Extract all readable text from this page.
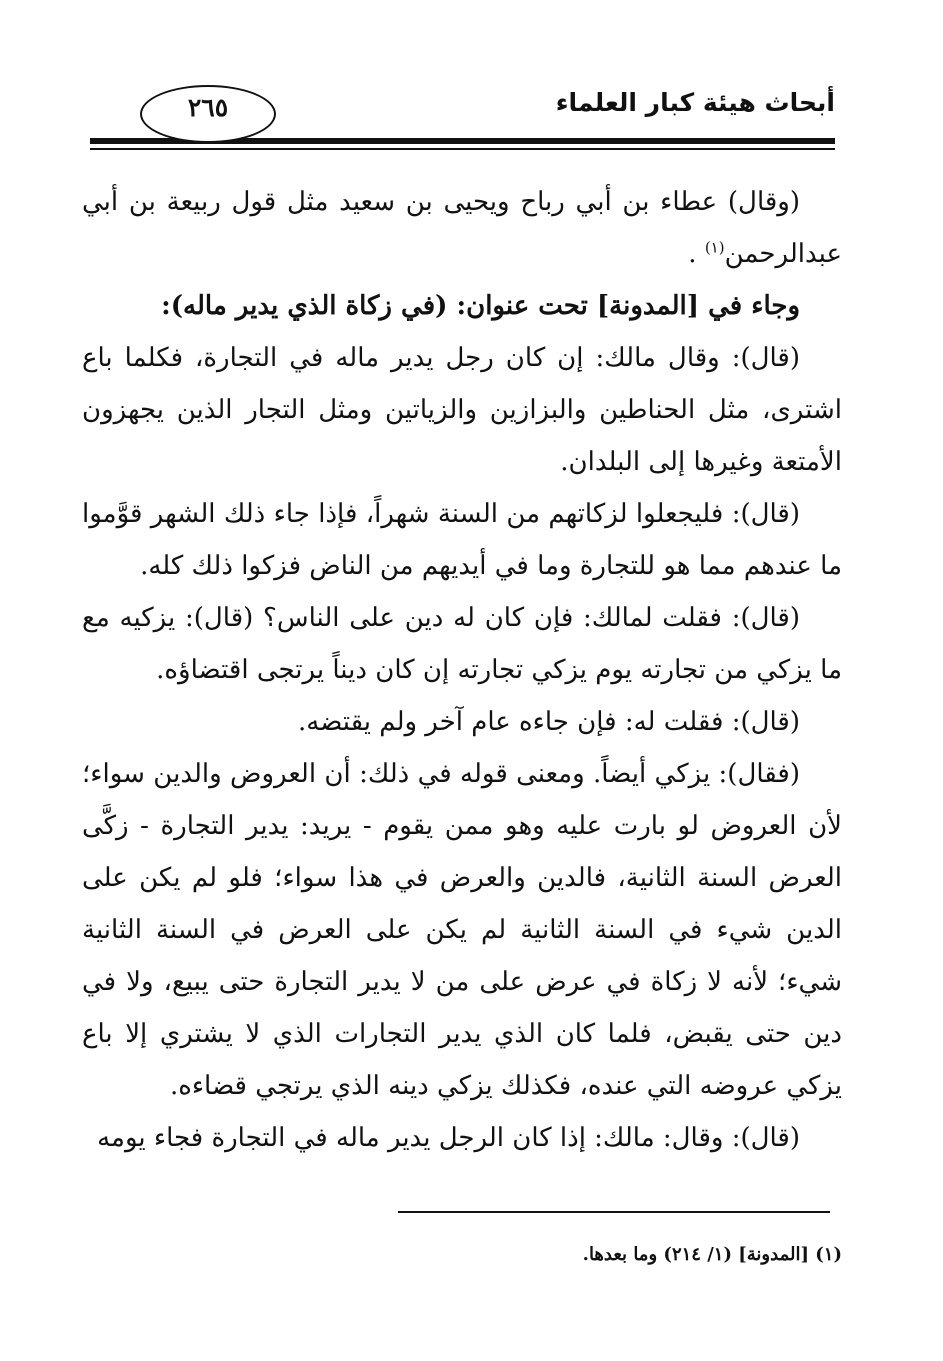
أبحاث هيئة كبار العلماء
٢٦٥

(وقال) عطاء بن أبي رباح ويحيى بن سعيد مثل قول ربيعة بن أبي عبدالرحمن$^{(١)}$ .

وجاء في [المدونة] تحت عنوان: (في زكاة الذي يدير ماله):

(قال): وقال مالك: إن كان رجل يدير ماله في التجارة، فكلما باع اشترى، مثل الحناطين والبزازين والزياتين ومثل التجار الذين يجهزون الأمتعة وغيرها إلى البلدان.

(قال): فليجعلوا لزكاتهم من السنة شهراً، فإذا جاء ذلك الشهر قوَّموا ما عندهم مما هو للتجارة وما في أيديهم من الناض فزكوا ذلك كله.

(قال): فقلت لمالك: فإن كان له دين على الناس؟ (قال): يزكيه مع ما يزكي من تجارته يوم يزكي تجارته إن كان ديناً يرتجى اقتضاؤه.

(قال): فقلت له: فإن جاءه عام آخر ولم يقتضه.

(فقال): يزكي أيضاً. ومعنى قوله في ذلك: أن العروض والدين سواء؛ لأن العروض لو بارت عليه وهو ممن يقوم - يريد: يدير التجارة - زكَّى العرض السنة الثانية، فالدين والعرض في هذا سواء؛ فلو لم يكن على الدين شيء في السنة الثانية لم يكن على العرض في السنة الثانية شيء؛ لأنه لا زكاة في عرض على من لا يدير التجارة حتى يبيع، ولا في دين حتى يقبض، فلما كان الذي يدير التجارات الذي لا يشتري إلا باع يزكي عروضه التي عنده، فكذلك يزكي دينه الذي يرتجي قضاءه.

(قال): وقال: مالك: إذا كان الرجل يدير ماله في التجارة فجاء يومه

(١) [المدونة] (١/ ٢١٤) وما بعدها.
